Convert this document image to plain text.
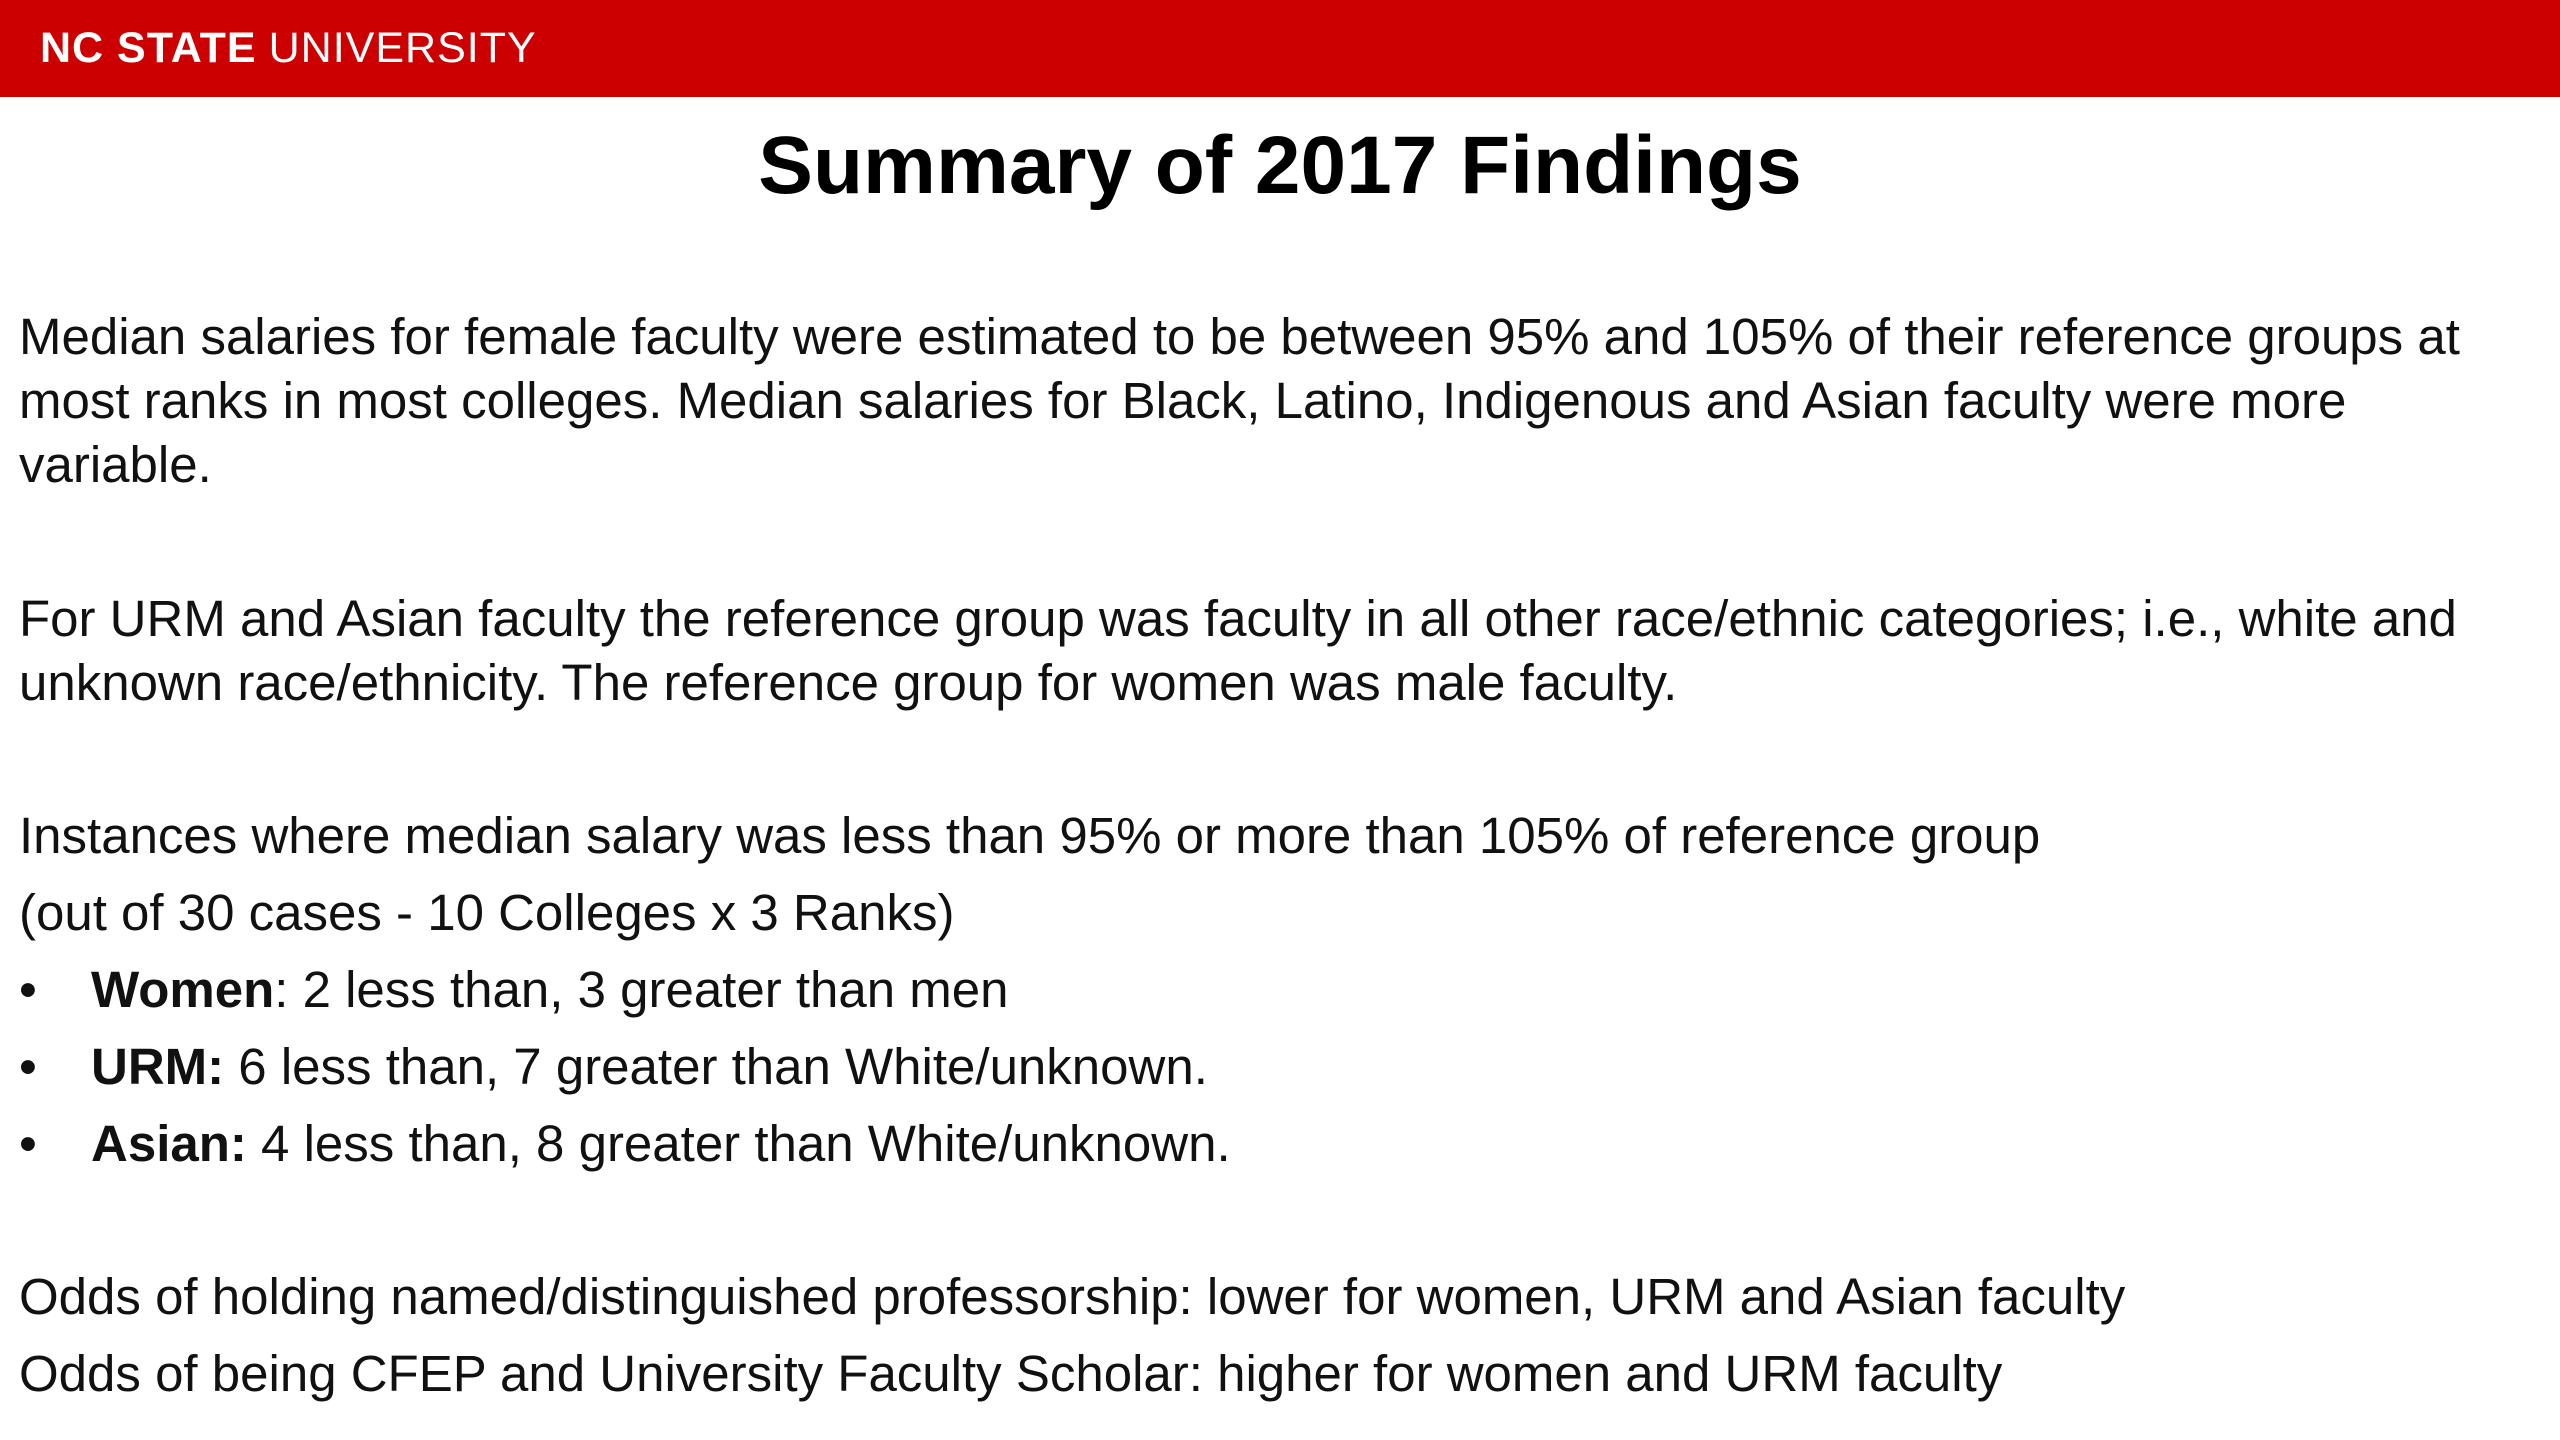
NC STATE UNIVERSITY
Summary of 2017 Findings

Median salaries for female faculty were estimated to be between 95% and 105% of their reference groups at most ranks in most colleges. Median salaries for Black, Latino, Indigenous and Asian faculty were more variable.

For URM and Asian faculty the reference group was faculty in all other race/ethnic categories; i.e., white and unknown race/ethnicity. The reference group for women was male faculty.

Instances where median salary was less than 95% or more than 105% of reference group
(out of 30 cases - 10 Colleges x 3 Ranks)
• Women: 2 less than, 3 greater than men
• URM: 6 less than, 7 greater than White/unknown.
• Asian: 4 less than, 8 greater than White/unknown.
Odds of holding named/distinguished professorship: lower for women, URM and Asian faculty
Odds of being CFEP and University Faculty Scholar: higher for women and URM faculty
